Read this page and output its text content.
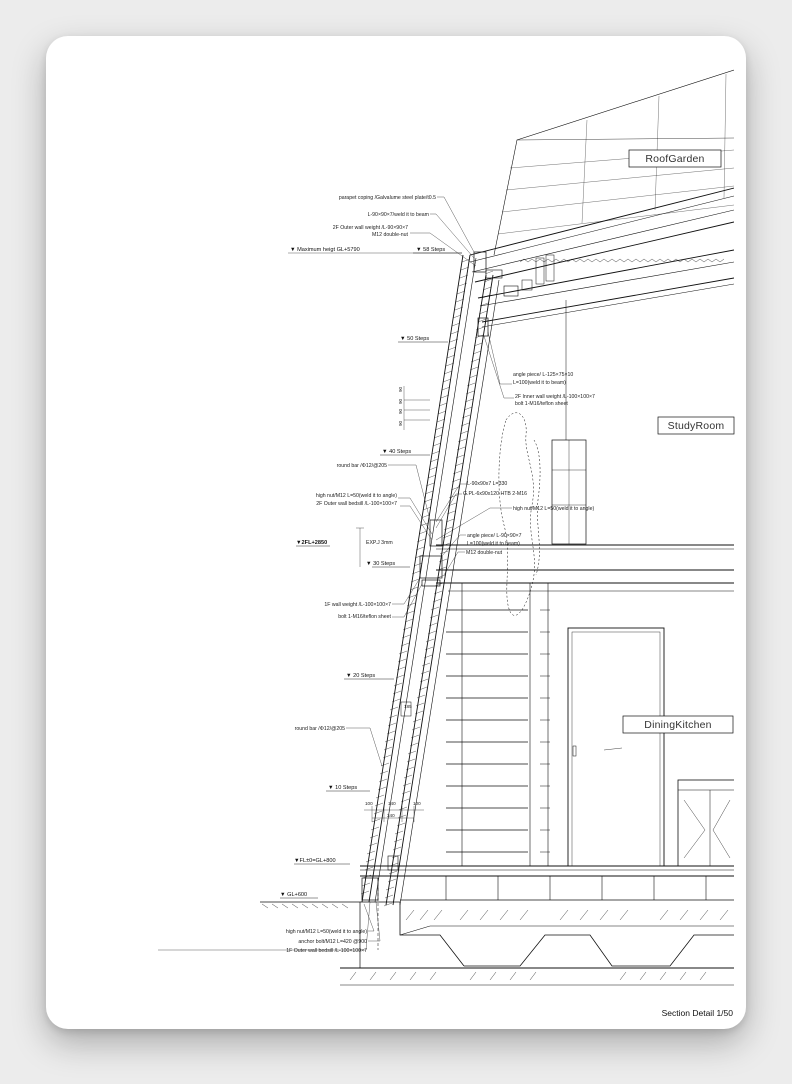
RoofGarden
StudyRoom
DiningKitchen
▼ Maximum heigt GL+5790	▼ 58 Steps
▼ 50 Steps
▼ 40 Steps
▼2FL+2850
▼ 30 Steps
▼ 20 Steps
▼ 10 Steps
▼FL±0=GL+800
▼ GL+600
parapet coping /Galvalume steel plate/t0.5
L-90×90×7/weld it to beam
2F Outer wall weight /L-90×90×7
M12 double-nut
angle piece/ L-125×75×10
L=100(weld it to beam)
2F Inner wall weight /L-100×100×7
bolt 1-M16/teflon sheet
round bar /Φ12/@205
high nut/M12 L=50(weld it to angle)
2F Outer wall bedsill /L-100×100×7
L-90x90x7 L=330
G.PL-6x90x120 HTB 2-M16
high nut/M12 L=50(weld it to angle)
angle piece/ L-90×90×7
L=100(weld it to beam)
M12 double-nut
EXP.J 3mm
1F wall weight /L-100×100×7
bolt 1-M16/teflon sheet
round bar /Φ12/@205
high nut/M12 L=50(weld it to angle)
anchor bolt/M12 L=420 @900
1F Outer wall bedsill /L-100×100×7
90
90
90
90
100	140	100
340
185
Section Detail 1/50
